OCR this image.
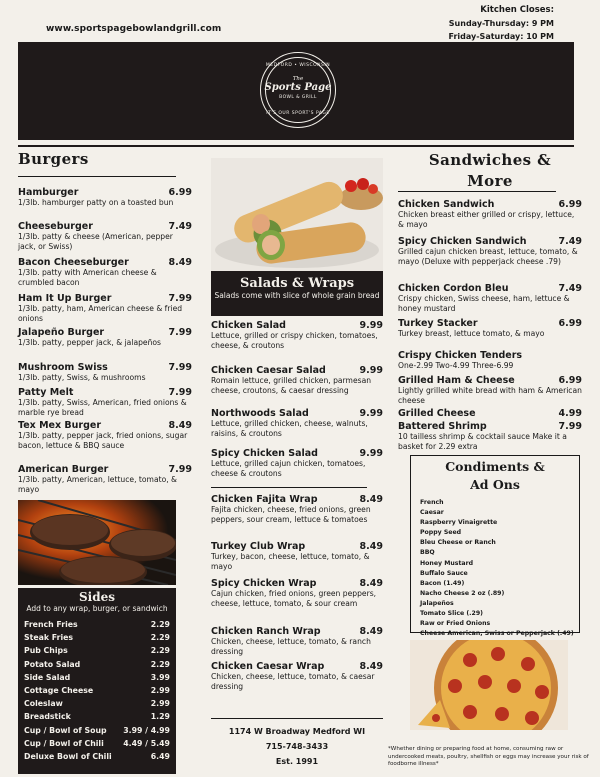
www.sportspagebowlandgrill.com
Kitchen Closes:
Sunday-Thursday: 9 PM
Friday-Saturday: 10 PM
MEDFORD • WISCONSIN
The
Sports Page
BOWL & GRILL
IT'S OUR SPORT'S PAGE
Burgers
Hamburger	6.99
1/3lb. hamburger patty on a toasted bun
Cheeseburger	7.49
1/3lb. patty & cheese (American, pepper jack, or Swiss)
Bacon Cheeseburger	8.49
1/3lb. patty with American cheese & crumbled bacon
Ham It Up Burger	7.99
1/3lb. patty, ham, American cheese & fried onions
Jalapeño Burger	7.99
1/3lb. patty, pepper jack, & jalapeños
Mushroom Swiss	7.99
1/3lb. patty, Swiss, & mushrooms
Patty Melt	7.99
1/3lb. patty, Swiss, American, fried onions & marble rye bread
Tex Mex Burger	8.49
1/3lb. patty, pepper jack, fried onions, sugar bacon, lettuce & BBQ sauce
American Burger	7.99
1/3lb. patty, American, lettuce, tomato, & mayo
Sides
Add to any wrap, burger, or sandwich
French Fries	2.29
Steak Fries	2.29
Pub Chips	2.29
Potato Salad	2.29
Side Salad	3.99
Cottage Cheese	2.99
Coleslaw	2.99
Breadstick	1.29
Cup / Bowl of Soup 3.99 / 4.99
Cup / Bowl of Chili 4.49 / 5.49
Deluxe Bowl of Chili	6.49
Salads & Wraps
Salads come with slice of whole grain bread
Chicken Salad	9.99
Lettuce, grilled or crispy chicken, tomatoes, cheese, & croutons
Chicken Caesar Salad	9.99
Romain lettuce, grilled chicken, parmesan cheese, croutons, & caesar dressing
Northwoods Salad	9.99
Lettuce, grilled chicken, cheese, walnuts, raisins, & croutons
Spicy Chicken Salad	9.99
Lettuce, grilled cajun chicken, tomatoes, cheese & croutons
Chicken Fajita Wrap	8.49
Fajita chicken, cheese, fried onions, green peppers, sour cream, lettuce & tomatoes
Turkey Club Wrap	8.49
Turkey, bacon, cheese, lettuce, tomato, & mayo
Spicy Chicken Wrap	8.49
Cajun chicken, fried onions, green peppers, cheese, lettuce, tomato, & sour cream
Chicken Ranch Wrap	8.49
Chicken, cheese, lettuce, tomato, & ranch dressing
Chicken Caesar Wrap	8.49
Chicken, cheese, lettuce, tomato, & caesar dressing
1174 W Broadway Medford WI
715-748-3433
Est. 1991
Sandwiches &
More
Chicken Sandwich	6.99
Chicken breast either grilled or crispy, lettuce, & mayo
Spicy Chicken Sandwich	7.49
Grilled cajun chicken breast, lettuce, tomato, & mayo (Deluxe with pepperjack cheese .79)
Chicken Cordon Bleu	7.49
Crispy chicken, Swiss cheese, ham, lettuce & honey mustard
Turkey Stacker	6.99
Turkey breast, lettuce tomato, & mayo
Crispy Chicken Tenders
One-2.99 Two-4.99 Three-6.99
Grilled Ham & Cheese	6.99
Lightly grilled white bread with ham & American cheese
Grilled Cheese	4.99
Battered Shrimp	7.99
10 tailless shrimp & cocktail sauce Make it a basket for 2.29 extra
Condiments &
Ad Ons
French
Caesar
Raspberry Vinaigrette
Poppy Seed
Bleu Cheese or Ranch
BBQ
Honey Mustard
Buffalo Sauce
Bacon (1.49)
Nacho Cheese 2 oz (.89)
Jalapeños
Tomato Slice (.29)
Raw or Fried Onions
Cheese American, Swiss or Pepperjack (.49)
*Whether dining or preparing food at home, consuming raw or undercooked meats, poultry, shellfish or eggs may increase your risk of foodborne illness*
